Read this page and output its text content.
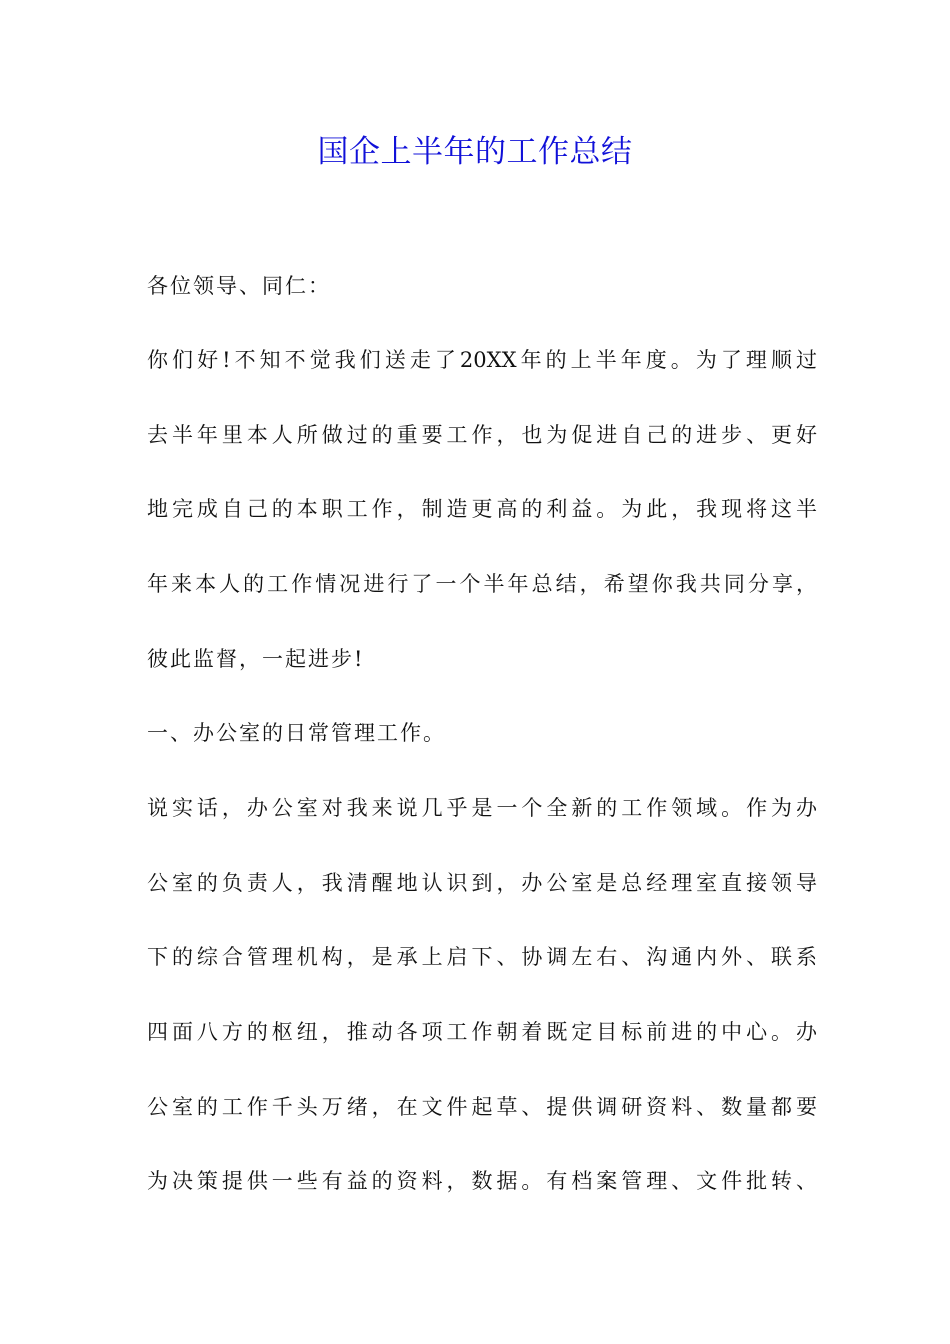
国企上半年的工作总结
各位领导、同仁：
你们好!不知不觉我们送走了20XX年的上半年度。为了理顺过
去半年里本人所做过的重要工作，也为促进自己的进步、更好
地完成自己的本职工作，制造更高的利益。为此，我现将这半
年来本人的工作情况进行了一个半年总结，希望你我共同分享，
彼此监督，一起进步!
一、办公室的日常管理工作。
说实话，办公室对我来说几乎是一个全新的工作领域。作为办
公室的负责人，我清醒地认识到，办公室是总经理室直接领导
下的综合管理机构，是承上启下、协调左右、沟通内外、联系
四面八方的枢纽，推动各项工作朝着既定目标前进的中心。办
公室的工作千头万绪，在文件起草、提供调研资料、数量都要
为决策提供一些有益的资料，数据。有档案管理、文件批转、
